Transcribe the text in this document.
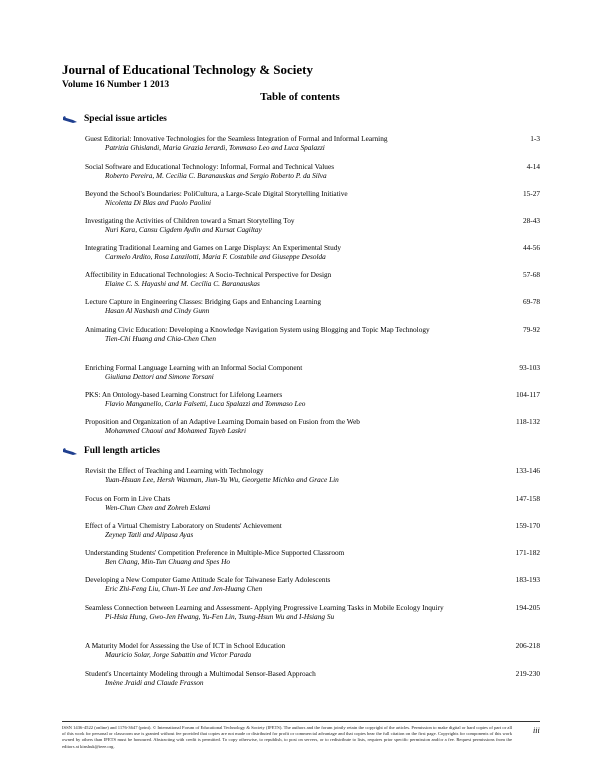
Journal of Educational Technology & Society
Volume 16 Number 1 2013
Table of contents
Special issue articles
Guest Editorial: Innovative Technologies for the Seamless Integration of Formal and Informal Learning
Patrizia Ghislandi, Maria Grazia Ierardi, Tommaso Leo and Luca Spalazzi
1-3
Social Software and Educational Technology: Informal, Formal and Technical Values
Roberto Pereira, M. Cecília C. Baranauskas and Sergio Roberto P. da Silva
4-14
Beyond the School's Boundaries: PoliCultura, a Large-Scale Digital Storytelling Initiative
Nicoletta Di Blas and Paolo Paolini
15-27
Investigating the Activities of Children toward a Smart Storytelling Toy
Nuri Kara, Cansu Cigdem Aydin and Kursat Cagiltay
28-43
Integrating Traditional Learning and Games on Large Displays: An Experimental Study
Carmelo Ardito, Rosa Lanzilotti, Maria F. Costabile and Giuseppe Desolda
44-56
Affectibility in Educational Technologies: A Socio-Technical Perspective for Design
Elaine C. S. Hayashi and M. Cecília C. Baranauskas
57-68
Lecture Capture in Engineering Classes: Bridging Gaps and Enhancing Learning
Hasan Al Nashash and Cindy Gunn
69-78
Animating Civic Education: Developing a Knowledge Navigation System using Blogging and Topic Map Technology
Tien-Chi Huang and Chia-Chen Chen
79-92
Enriching Formal Language Learning with an Informal Social Component
Giuliana Dettori and Simone Torsani
93-103
PKS: An Ontology-based Learning Construct for Lifelong Learners
Flavio Manganello, Carla Falsetti, Luca Spalazzi and Tommaso Leo
104-117
Proposition and Organization of an Adaptive Learning Domain based on Fusion from the Web
Mohammed Chaoui and Mohamed Tayeb Laskri
118-132
Full length articles
Revisit the Effect of Teaching and Learning with Technology
Yuan-Hsuan Lee, Hersh Waxman, Jiun-Yu Wu, Georgette Michko and Grace Lin
133-146
Focus on Form in Live Chats
Wen-Chun Chen and Zohreh Eslami
147-158
Effect of a Virtual Chemistry Laboratory on Students' Achievement
Zeynep Tatli and Alipasa Ayas
159-170
Understanding Students' Competition Preference in Multiple-Mice Supported Classroom
Ben Chang, Min-Tun Chuang and Spes Ho
171-182
Developing a New Computer Game Attitude Scale for Taiwanese Early Adolescents
Eric Zhi-Feng Liu, Chun-Yi Lee and Jen-Huang Chen
183-193
Seamless Connection between Learning and Assessment- Applying Progressive Learning Tasks in Mobile Ecology Inquiry
Pi-Hsia Hung, Gwo-Jen Hwang, Yu-Fen Lin, Tsung-Hsun Wu and I-Hsiang Su
194-205
A Maturity Model for Assessing the Use of ICT in School Education
Mauricio Solar, Jorge Sabattin and Victor Parada
206-218
Student's Uncertainty Modeling through a Multimodal Sensor-Based Approach
Imène Jraidi and Claude Frasson
219-230
ISSN 1436-4522 (online) and 1176-3647 (print). © International Forum of Educational Technology & Society (IFETS). The authors and the forum jointly retain the copyright of the articles. Permission to make digital or hard copies of part or all of this work for personal or classroom use is granted without fee provided that copies are not made or distributed for profit or commercial advantage and that copies bear the full citation on the first page. Copyrights for components of this work owned by others than IFETS must be honoured. Abstracting with credit is permitted. To copy otherwise, to republish, to post on servers, or to redistribute to lists, requires prior specific permission and/or a fee. Request permissions from the editors at kinshuk@ieee.org.
iii
